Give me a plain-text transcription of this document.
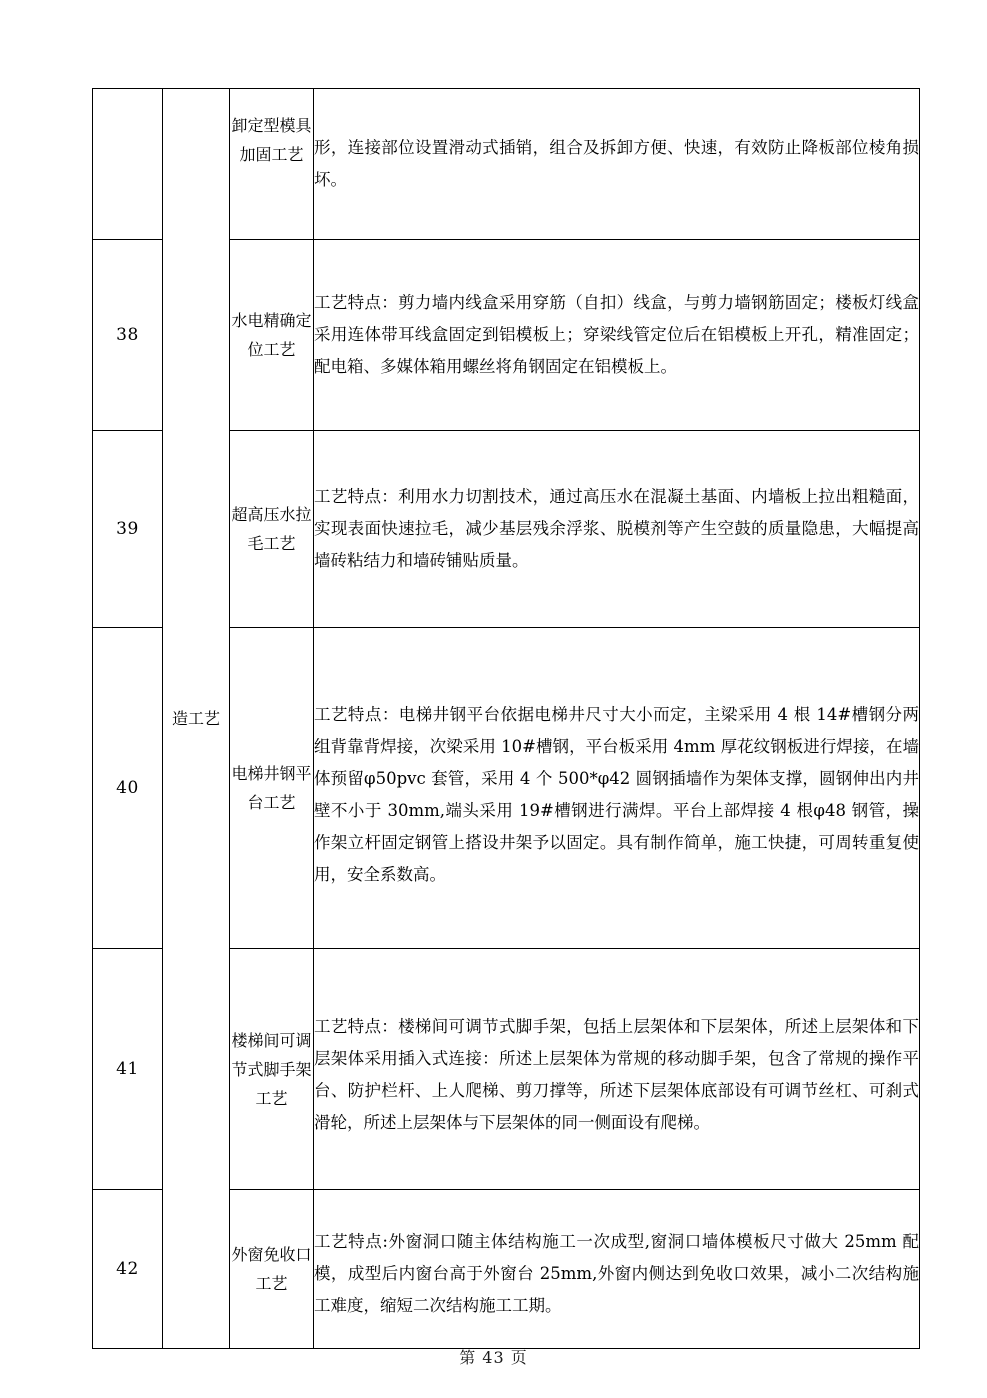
	造工艺	卸定型模具加固工艺	形，连接部位设置滑动式插销，组合及拆卸方便、快速，有效防止降板部位棱角损坏。
38		水电精确定位工艺	工艺特点：剪力墙内线盒采用穿筋（自扣）线盒，与剪力墙钢筋固定；楼板灯线盒采用连体带耳线盒固定到铝模板上；穿梁线管定位后在铝模板上开孔，精准固定；配电箱、多媒体箱用螺丝将角钢固定在铝模板上。
39		超高压水拉毛工艺	工艺特点：利用水力切割技术，通过高压水在混凝土基面、内墙板上拉出粗糙面，实现表面快速拉毛，减少基层残余浮浆、脱模剂等产生空鼓的质量隐患，大幅提高墙砖粘结力和墙砖铺贴质量。
40		电梯井钢平台工艺	工艺特点：电梯井钢平台依据电梯井尺寸大小而定，主梁采用 4 根 14#槽钢分两组背靠背焊接，次梁采用 10#槽钢，平台板采用 4mm 厚花纹钢板进行焊接，在墙体预留φ50pvc 套管，采用 4 个 500*φ42 圆钢插墙作为架体支撑，圆钢伸出内井壁不小于 30mm,端头采用 19#槽钢进行满焊。平台上部焊接 4 根φ48 钢管，操作架立杆固定钢管上搭设井架予以固定。具有制作简单，施工快捷，可周转重复使用，安全系数高。
41		楼梯间可调节式脚手架工艺	工艺特点：楼梯间可调节式脚手架，包括上层架体和下层架体，所述上层架体和下层架体采用插入式连接：所述上层架体为常规的移动脚手架，包含了常规的操作平台、防护栏杆、上人爬梯、剪刀撑等，所述下层架体底部设有可调节丝杠、可刹式滑轮，所述上层架体与下层架体的同一侧面设有爬梯。
42		外窗免收口工艺	工艺特点:外窗洞口随主体结构施工一次成型,窗洞口墙体模板尺寸做大 25mm 配模，成型后内窗台高于外窗台 25mm,外窗内侧达到免收口效果，减小二次结构施工难度，缩短二次结构施工工期。
第 43 页
